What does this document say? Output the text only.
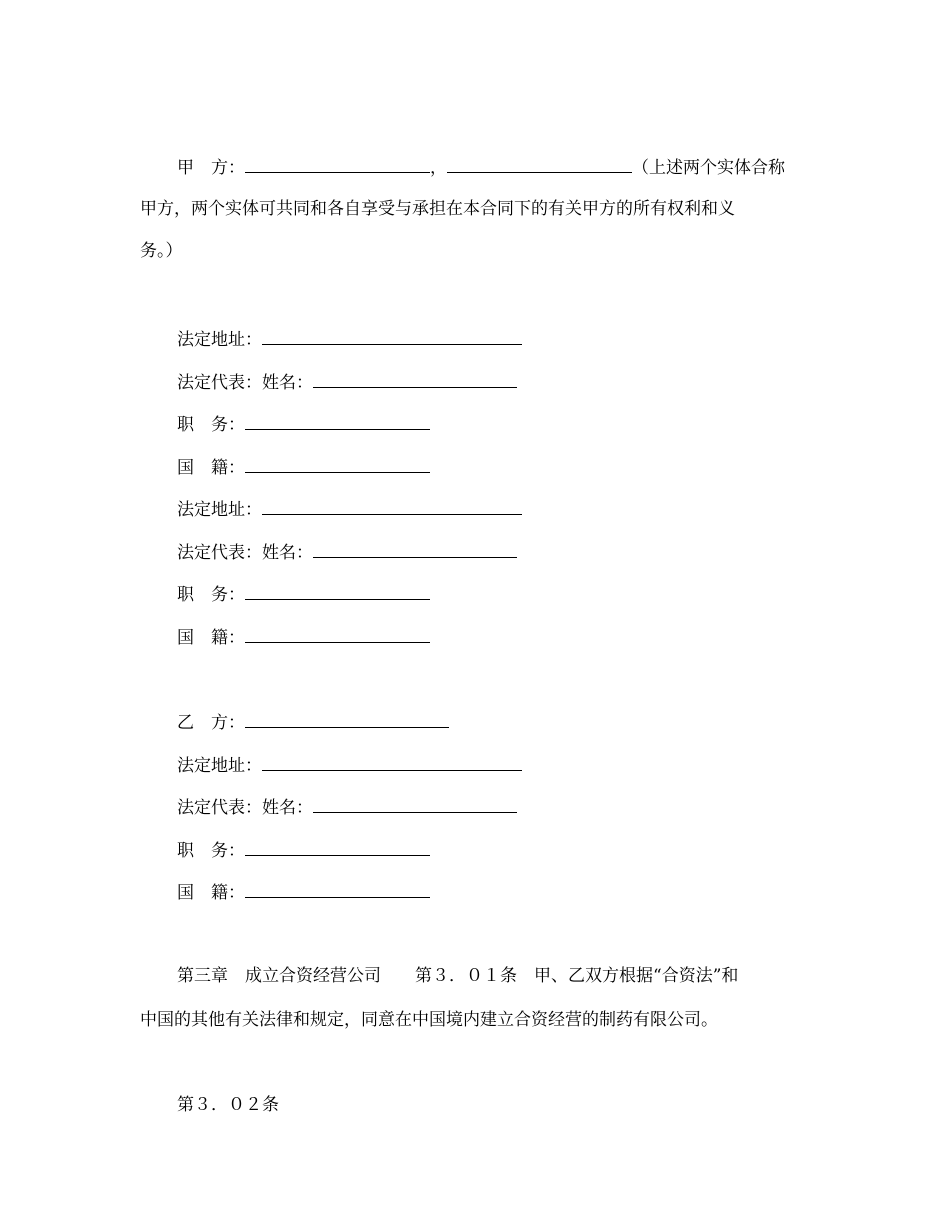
甲　方：	，	（上述两个实体合称
甲方，两个实体可共同和各自享受与承担在本合同下的有关甲方的所有权利和义
务。）
法定地址：
法定代表：姓名：
职　务：
国　籍：
法定地址：
法定代表：姓名：
职　务：
国　籍：
乙　方：
法定地址：
法定代表：姓名：
职　务：
国　籍：
第三章　成立合资经营公司　　第３．０１条　甲、乙双方根据“合资法”和
中国的其他有关法律和规定，同意在中国境内建立合资经营的制药有限公司。
第３．０２条
